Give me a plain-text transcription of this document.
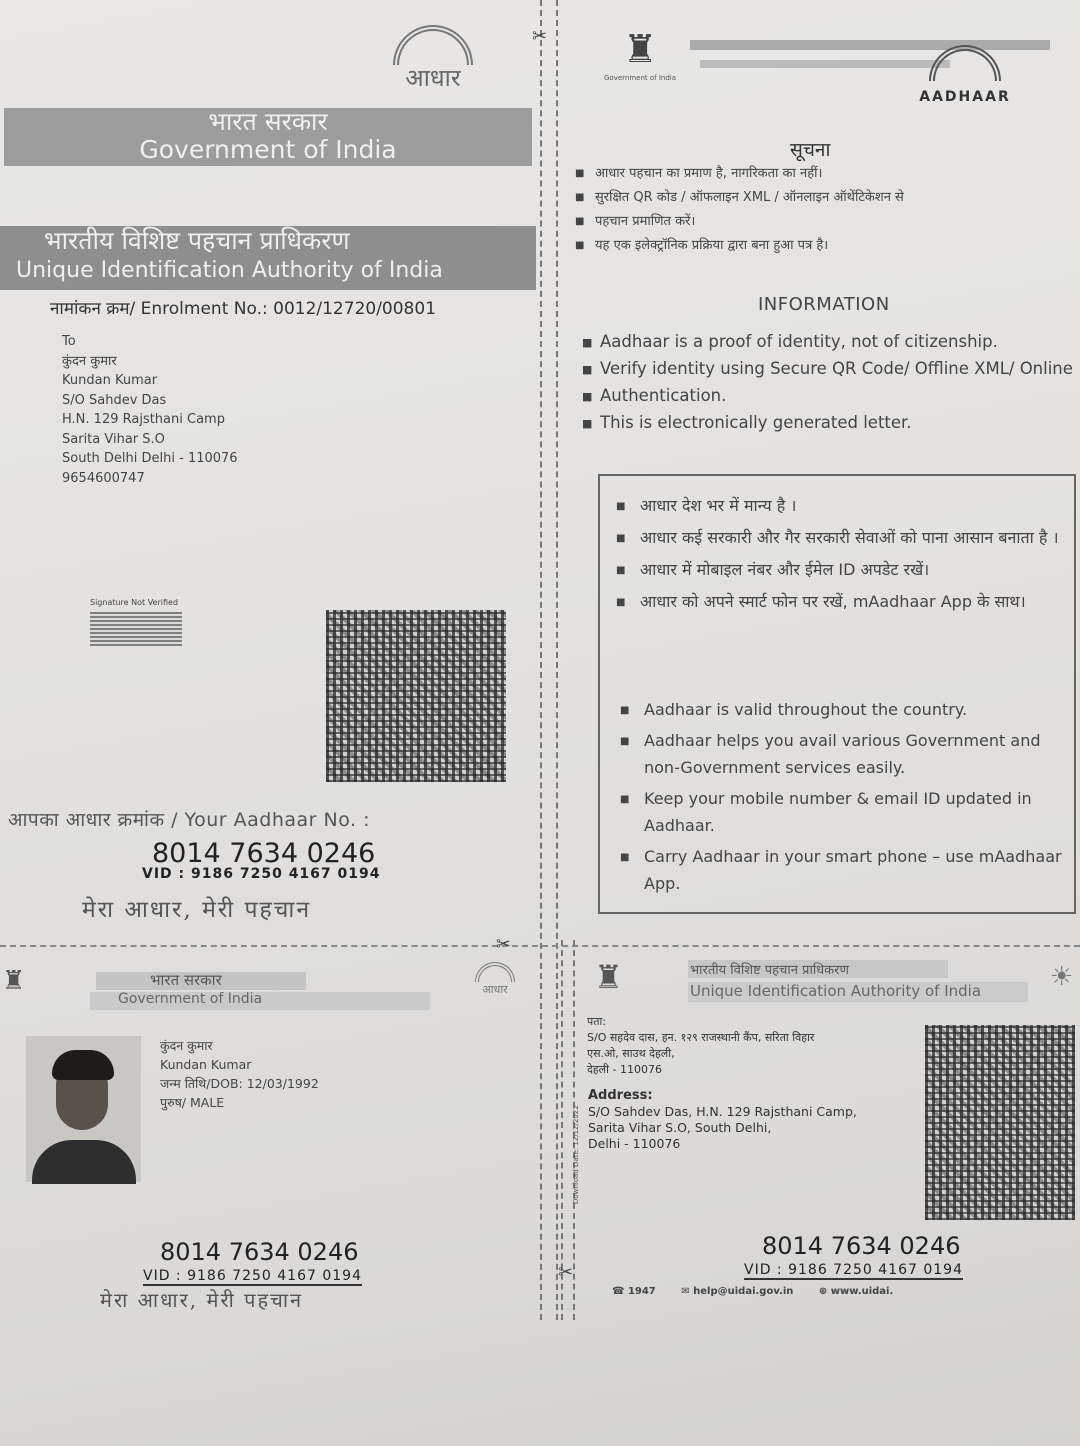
आधार
भारत सरकार
Government of India
भारतीय विशिष्ट पहचान प्राधिकरण
Unique Identification Authority of India
नामांकन क्रम/ Enrolment No.: 0012/12720/00801
To
कुंदन कुमार
Kundan Kumar
S/O Sahdev Das
H.N. 129 Rajsthani Camp
Sarita Vihar S.O
South Delhi Delhi - 110076
9654600747
Signature Not Verified
आपका आधार क्रमांक / Your Aadhaar No. :
8014 7634 0246
VID : 9186 7250 4167 0194
मेरा आधार, मेरी पहचान
✂
✂
✂
♜
Government of India
AADHAAR
सूचना
■ आधार पहचान का प्रमाण है, नागरिकता का नहीं।
■ सुरक्षित QR कोड / ऑफलाइन XML / ऑनलाइन ऑथेंटिकेशन से
■ पहचान प्रमाणित करें।
■ यह एक इलेक्ट्रॉनिक प्रक्रिया द्वारा बना हुआ पत्र है।
INFORMATION
■ Aadhaar is a proof of identity, not of citizenship.
■ Verify identity using Secure QR Code/ Offline XML/ Online
■ Authentication.
■ This is electronically generated letter.
■ आधार देश भर में मान्य है ।
■ आधार कई सरकारी और गैर सरकारी सेवाओं को पाना आसान बनाता है ।
■ आधार में मोबाइल नंबर और ईमेल ID अपडेट रखें।
■ आधार को अपने स्मार्ट फोन पर रखें, mAadhaar App के साथ।
■ Aadhaar is valid throughout the country.
■ Aadhaar helps you avail various Government and non-Government services easily.
■ Keep your mobile number & email ID updated in Aadhaar.
■ Carry Aadhaar in your smart phone – use mAadhaar App.
♜	भारत सरकार
Government of India
आधार
कुंदन कुमार
Kundan Kumar
जन्म तिथि/DOB: 12/03/1992
पुरुष/ MALE
8014 7634 0246
VID : 9186 7250 4167 0194
मेरा आधार, मेरी पहचान
♜	भारतीय विशिष्ट पहचान प्राधिकरण
Unique Identification Authority of India	☀
Download Date: 12/12/2022
पता:
S/O सहदेव दास, हन. १२९ राजस्थानी कैंप, सरिता विहार
एस.ओ, साउथ देहली,
देहली - 110076
Address:
S/O Sahdev Das, H.N. 129 Rajsthani Camp,
Sarita Vihar S.O, South Delhi,
Delhi - 110076
8014 7634 0246
VID : 9186 7250 4167 0194
☎ 1947	✉ help@uidai.gov.in	⊕ www.uidai.
